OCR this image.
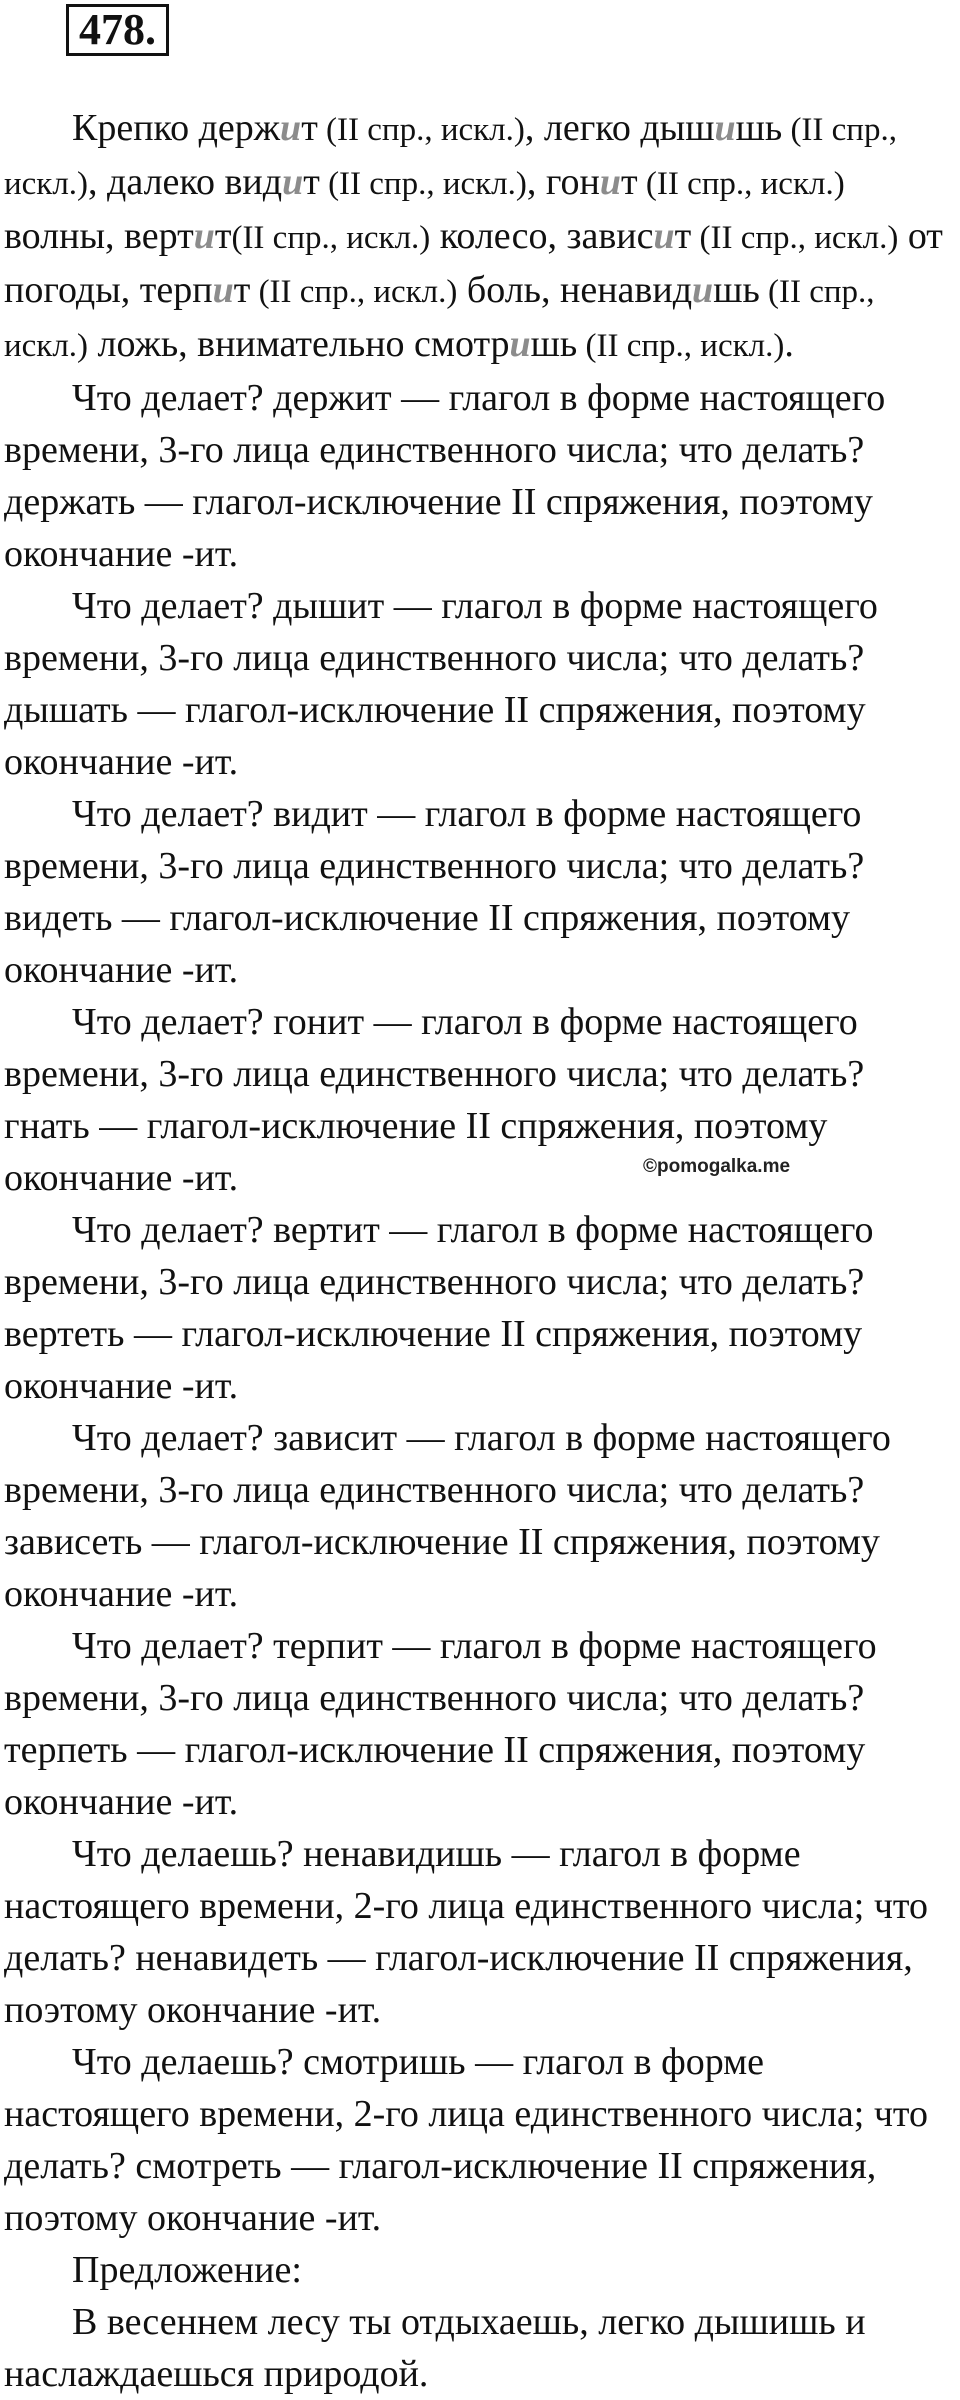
478.

Крепко держит (II спр., искл.), легко дышишь (II спр., искл.), далеко видит (II спр., искл.), гонит (II спр., искл.) волны, вертит(II спр., искл.) колесо, зависит (II спр., искл.) от погоды, терпит (II спр., искл.) боль, ненавидишь (II спр., искл.) ложь, внимательно смотришь (II спр., искл.).

Что делает? держит — глагол в форме настоящего времени, 3-го лица единственного числа; что делать? держать — глагол-исключение II спряжения, поэтому окончание -ит.

Что делает? дышит — глагол в форме настоящего времени, 3-го лица единственного числа; что делать? дышать — глагол-исключение II спряжения, поэтому окончание -ит.

Что делает? видит — глагол в форме настоящего времени, 3-го лица единственного числа; что делать? видеть — глагол-исключение II спряжения, поэтому окончание -ит.

Что делает? гонит — глагол в форме настоящего времени, 3-го лица единственного числа; что делать? гнать — глагол-исключение II спряжения, поэтому окончание -ит.

Что делает? вертит — глагол в форме настоящего времени, 3-го лица единственного числа; что делать? вертеть — глагол-исключение II спряжения, поэтому окончание -ит.

Что делает? зависит — глагол в форме настоящего времени, 3-го лица единственного числа; что делать? зависеть — глагол-исключение II спряжения, поэтому окончание -ит.

Что делает? терпит — глагол в форме настоящего времени, 3-го лица единственного числа; что делать? терпеть — глагол-исключение II спряжения, поэтому окончание -ит.

Что делаешь? ненавидишь — глагол в форме настоящего времени, 2-го лица единственного числа; что делать? ненавидеть — глагол-исключение II спряжения, поэтому окончание -ит.

Что делаешь? смотришь — глагол в форме настоящего времени, 2-го лица единственного числа; что делать? смотреть — глагол-исключение II спряжения, поэтому окончание -ит.

Предложение:

В весеннем лесу ты отдыхаешь, легко дышишь и наслаждаешься природой.

©pomogalka.me
